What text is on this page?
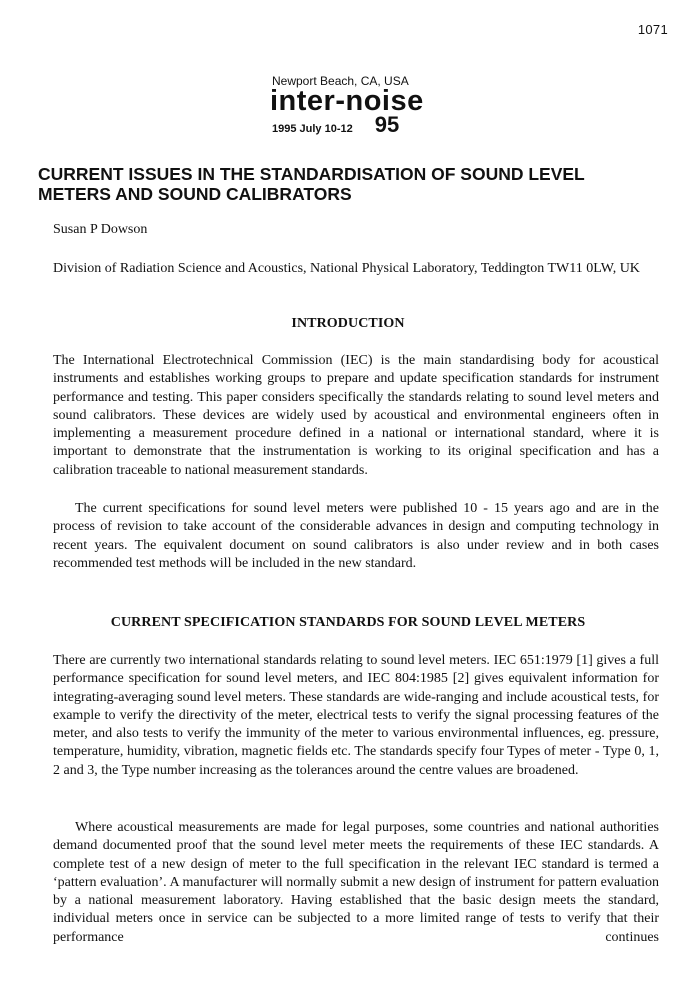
1071
Newport Beach, CA, USA
inter-noise
1995 July 10-12 95
CURRENT ISSUES IN THE STANDARDISATION OF SOUND LEVEL METERS AND SOUND CALIBRATORS
Susan P Dowson
Division of Radiation Science and Acoustics, National Physical Laboratory, Teddington TW11 0LW, UK
INTRODUCTION

The International Electrotechnical Commission (IEC) is the main standardising body for acoustical instruments and establishes working groups to prepare and update specification standards for instrument performance and testing. This paper considers specifically the standards relating to sound level meters and sound calibrators. These devices are widely used by acoustical and environmental engineers often in implementing a measurement procedure defined in a national or international standard, where it is important to demonstrate that the instrumentation is working to its original specification and has a calibration traceable to national measurement standards.

The current specifications for sound level meters were published 10 - 15 years ago and are in the process of revision to take account of the considerable advances in design and computing technology in recent years. The equivalent document on sound calibrators is also under review and in both cases recommended test methods will be included in the new standard.

CURRENT SPECIFICATION STANDARDS FOR SOUND LEVEL METERS

There are currently two international standards relating to sound level meters. IEC 651:1979 [1] gives a full performance specification for sound level meters, and IEC 804:1985 [2] gives equivalent information for integrating-averaging sound level meters. These standards are wide-ranging and include acoustical tests, for example to verify the directivity of the meter, electrical tests to verify the signal processing features of the meter, and also tests to verify the immunity of the meter to various environmental influences, eg. pressure, temperature, humidity, vibration, magnetic fields etc. The standards specify four Types of meter - Type 0, 1, 2 and 3, the Type number increasing as the tolerances around the centre values are broadened.

Where acoustical measurements are made for legal purposes, some countries and national authorities demand documented proof that the sound level meter meets the requirements of these IEC standards. A complete test of a new design of meter to the full specification in the relevant IEC standard is termed a ‘pattern evaluation’. A manufacturer will normally submit a new design of instrument for pattern evaluation by a national measurement laboratory. Having established that the basic design meets the standard, individual meters once in service can be subjected to a more limited range of tests to verify that their performance continues
